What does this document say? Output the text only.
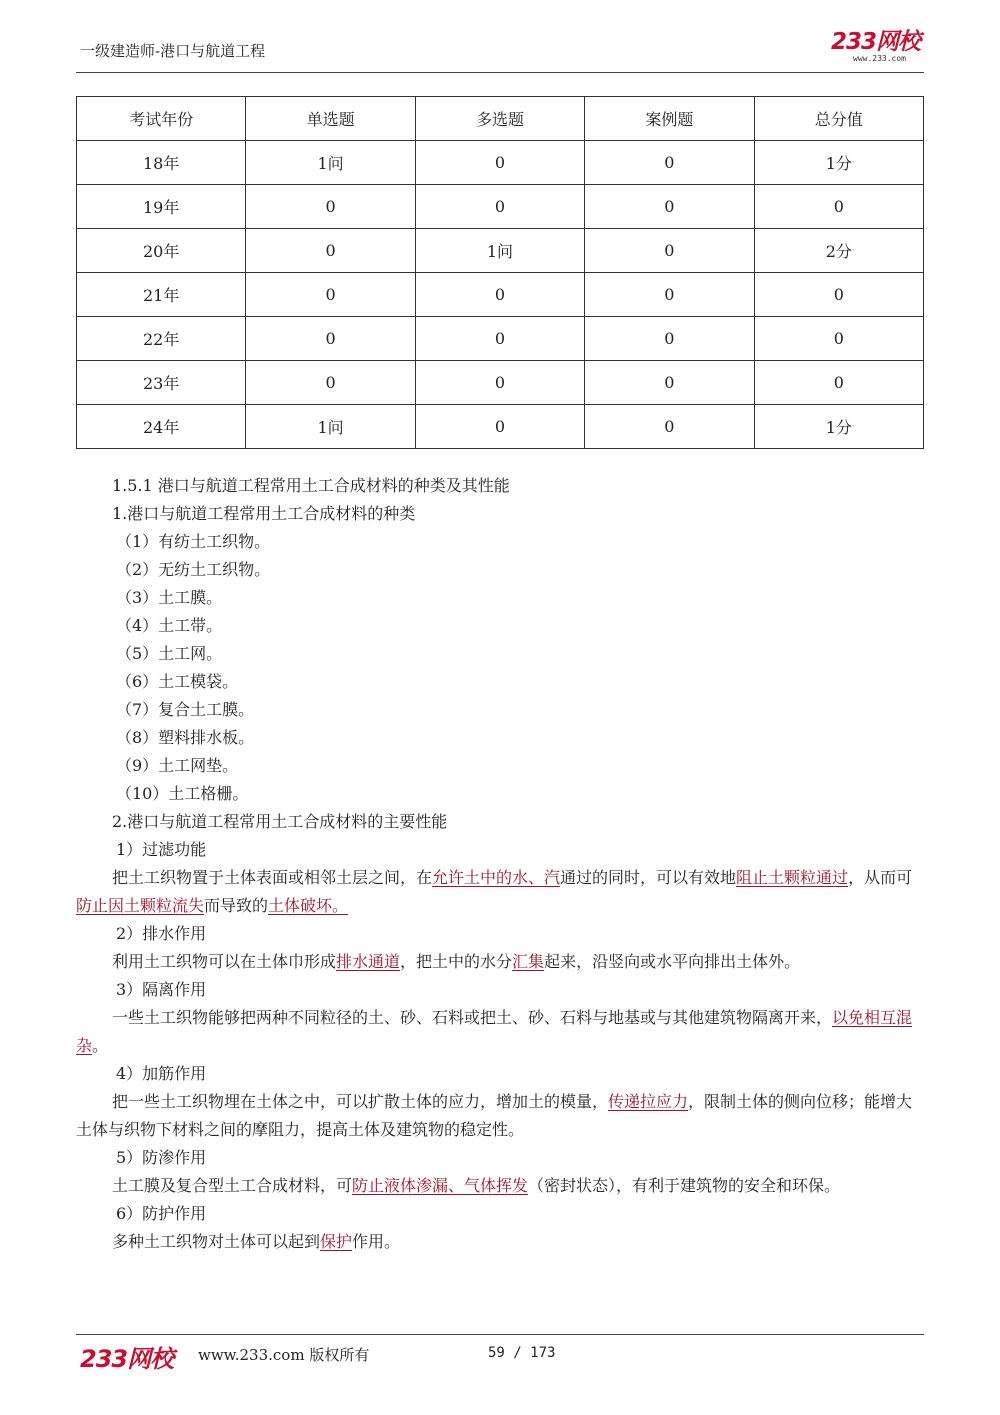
一级建造师-港口与航道工程	233网校
www.233.com
考试年份	单选题	多选题	案例题	总分值
18年	1问	0	0	1分
19年	0	0	0	0
20年	0	1问	0	2分
21年	0	0	0	0
22年	0	0	0	0
23年	0	0	0	0
24年	1问	0	0	1分

1.5.1 港口与航道工程常用土工合成材料的种类及其性能

1.港口与航道工程常用土工合成材料的种类

（1）有纺土工织物。

（2）无纺土工织物。

（3）土工膜。

（4）土工带。

（5）土工网。

（6）土工模袋。

（7）复合土工膜。

（8）塑料排水板。

（9）土工网垫。

（10）土工格栅。

2.港口与航道工程常用土工合成材料的主要性能

1）过滤功能

把土工织物置于土体表面或相邻土层之间，在允许土中的水、汽通过的同时，可以有效地阻止土颗粒通过，从而可防止因土颗粒流失而导致的土体破坏。

2）排水作用

利用土工织物可以在土体巾形成排水通道，把土中的水分汇集起来，沿竖向或水平向排出土体外。

3）隔离作用

一些土工织物能够把两种不同粒径的土、砂、石料或把土、砂、石料与地基或与其他建筑物隔离开来，以免相互混杂。

4）加筋作用

把一些土工织物埋在土体之中，可以扩散土体的应力，增加土的模量，传递拉应力，限制土体的侧向位移；能增大土体与织物下材料之间的摩阻力，提高土体及建筑物的稳定性。

5）防渗作用

土工膜及复合型土工合成材料，可防止液体渗漏、气体挥发（密封状态），有利于建筑物的安全和环保。

6）防护作用

多种土工织物对土体可以起到保护作用。

233网校 www.233.com 版权所有	59 / 173
